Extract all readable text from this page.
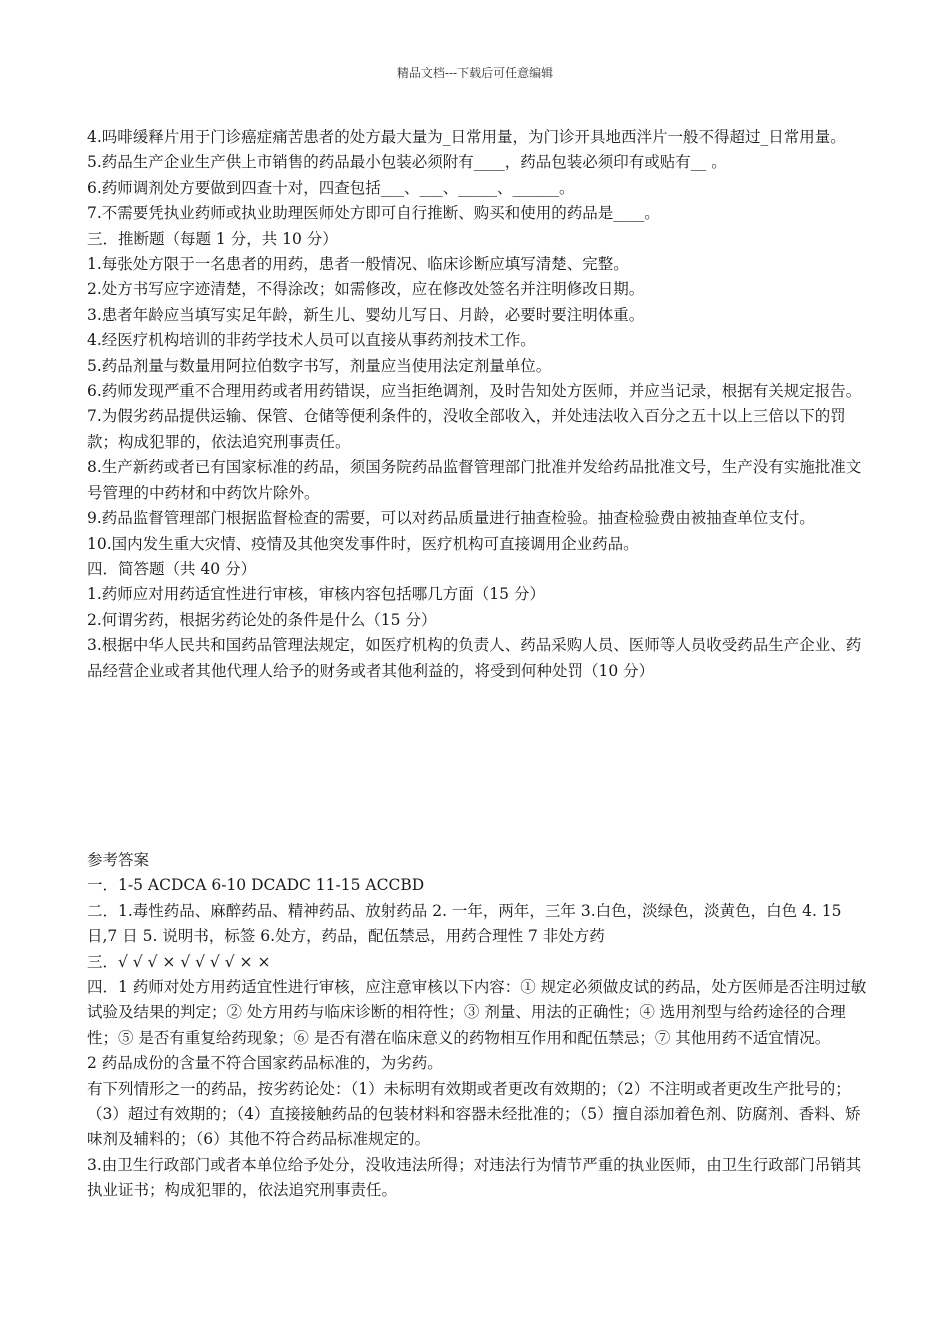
精品文档---下载后可任意编辑

4.吗啡缓释片用于门诊癌症痛苦患者的处方最大量为_日常用量，为门诊开具地西泮片一般不得超过_日常用量。

5.药品生产企业生产供上市销售的药品最小包装必须附有____，药品包装必须印有或贴有__ 。

6.药师调剂处方要做到四查十对，四查包括___、___、_____、______。

7.不需要凭执业药师或执业助理医师处方即可自行推断、购买和使用的药品是____。

三．推断题（每题 1 分，共 10 分）

1.每张处方限于一名患者的用药，患者一般情况、临床诊断应填写清楚、完整。

2.处方书写应字迹清楚，不得涂改；如需修改，应在修改处签名并注明修改日期。

3.患者年龄应当填写实足年龄，新生儿、婴幼儿写日、月龄，必要时要注明体重。

4.经医疗机构培训的非药学技术人员可以直接从事药剂技术工作。

5.药品剂量与数量用阿拉伯数字书写，剂量应当使用法定剂量单位。

6.药师发现严重不合理用药或者用药错误，应当拒绝调剂，及时告知处方医师，并应当记录，根据有关规定报告。

7.为假劣药品提供运输、保管、仓储等便利条件的，没收全部收入，并处违法收入百分之五十以上三倍以下的罚款；构成犯罪的，依法追究刑事责任。

8.生产新药或者已有国家标准的药品，须国务院药品监督管理部门批准并发给药品批准文号，生产没有实施批准文号管理的中药材和中药饮片除外。

9.药品监督管理部门根据监督检查的需要，可以对药品质量进行抽查检验。抽查检验费由被抽查单位支付。

10.国内发生重大灾情、疫情及其他突发事件时，医疗机构可直接调用企业药品。

四．简答题（共 40 分）

1.药师应对用药适宜性进行审核，审核内容包括哪几方面（15 分）

2.何谓劣药，根据劣药论处的条件是什么（15 分）

3.根据中华人民共和国药品管理法规定，如医疗机构的负责人、药品采购人员、医师等人员收受药品生产企业、药品经营企业或者其他代理人给予的财务或者其他利益的，将受到何种处罚（10 分）

参考答案

一．1-5 ACDCA 6-10 DCADC 11-15 ACCBD

二．1.毒性药品、麻醉药品、精神药品、放射药品 2. 一年，两年，三年 3.白色，淡绿色，淡黄色，白色 4. 15 日,7 日 5. 说明书，标签 6.处方，药品，配伍禁忌，用药合理性 7 非处方药

三．√ √ √ × √ √ √ √ × ×

四．1 药师对处方用药适宜性进行审核，应注意审核以下内容：① 规定必须做皮试的药品，处方医师是否注明过敏试验及结果的判定；② 处方用药与临床诊断的相符性；③ 剂量、用法的正确性；④ 选用剂型与给药途径的合理性；⑤ 是否有重复给药现象；⑥ 是否有潜在临床意义的药物相互作用和配伍禁忌；⑦ 其他用药不适宜情况。

2 药品成份的含量不符合国家药品标准的，为劣药。

有下列情形之一的药品，按劣药论处：（1）未标明有效期或者更改有效期的；（2）不注明或者更改生产批号的；（3）超过有效期的；（4）直接接触药品的包装材料和容器未经批准的；（5）擅自添加着色剂、防腐剂、香料、矫味剂及辅料的；（6）其他不符合药品标准规定的。

3.由卫生行政部门或者本单位给予处分，没收违法所得；对违法行为情节严重的执业医师，由卫生行政部门吊销其执业证书；构成犯罪的，依法追究刑事责任。
